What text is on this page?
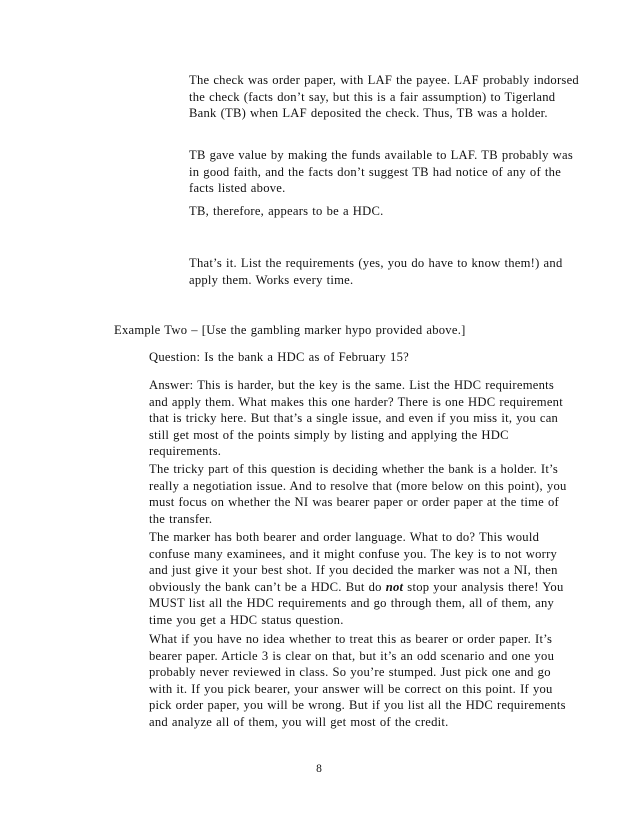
The check was order paper, with LAF the payee. LAF probably indorsed the check (facts don’t say, but this is a fair assumption) to Tigerland Bank (TB) when LAF deposited the check. Thus, TB was a holder.

TB gave value by making the funds available to LAF. TB probably was in good faith, and the facts don’t suggest TB had notice of any of the facts listed above.

TB, therefore, appears to be a HDC.

That’s it. List the requirements (yes, you do have to know them!) and apply them. Works every time.

Example Two – [Use the gambling marker hypo provided above.]

Question: Is the bank a HDC as of February 15?

Answer: This is harder, but the key is the same. List the HDC requirements and apply them. What makes this one harder? There is one HDC requirement that is tricky here. But that’s a single issue, and even if you miss it, you can still get most of the points simply by listing and applying the HDC requirements.

The tricky part of this question is deciding whether the bank is a holder. It’s really a negotiation issue. And to resolve that (more below on this point), you must focus on whether the NI was bearer paper or order paper at the time of the transfer.

The marker has both bearer and order language. What to do? This would confuse many examinees, and it might confuse you. The key is to not worry and just give it your best shot. If you decided the marker was not a NI, then obviously the bank can’t be a HDC. But do not stop your analysis there! You MUST list all the HDC requirements and go through them, all of them, any time you get a HDC status question.

What if you have no idea whether to treat this as bearer or order paper. It’s bearer paper. Article 3 is clear on that, but it’s an odd scenario and one you probably never reviewed in class. So you’re stumped. Just pick one and go with it. If you pick bearer, your answer will be correct on this point. If you pick order paper, you will be wrong. But if you list all the HDC requirements and analyze all of them, you will get most of the credit.

8
